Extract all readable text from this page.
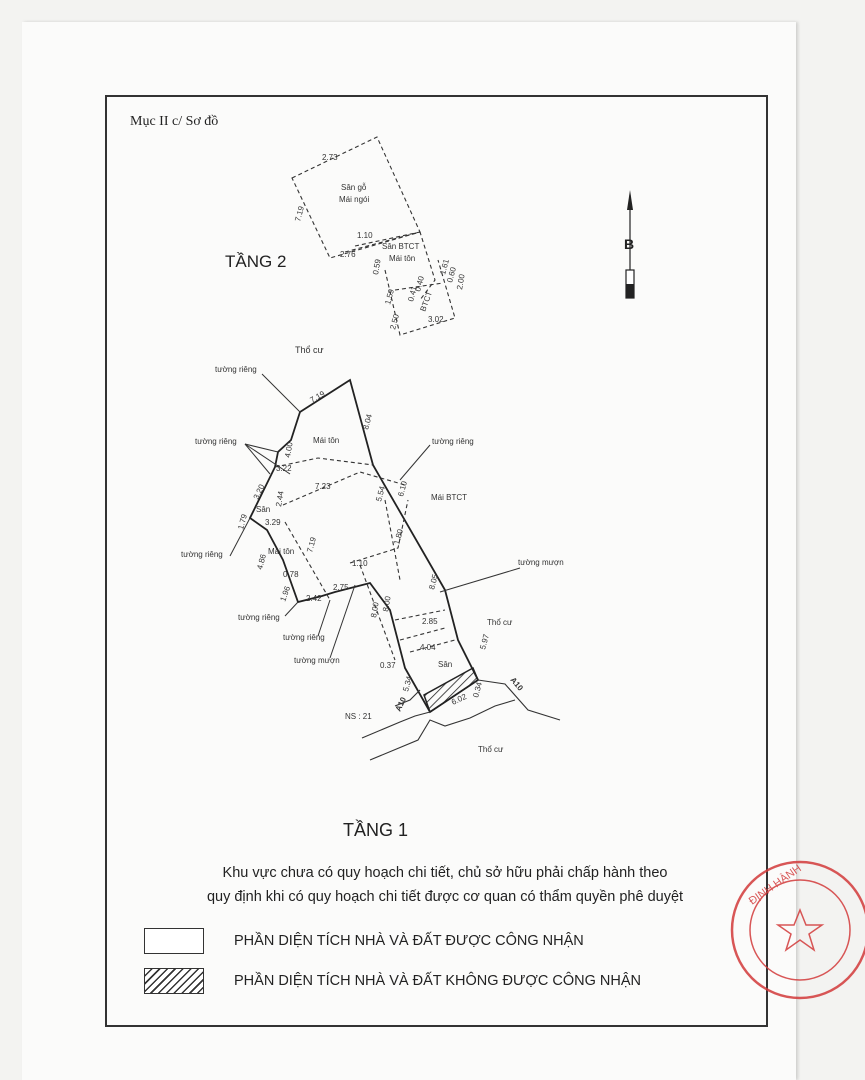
Mục II c/ Sơ đồ
TẦNG 2
TẦNG 1
B
2.73
7.19
2.76
1.10
0.59
2.00
1.59 0.41
3.02
2.50
1.61
0.40
0.60
Sân gỗ
Mái ngói
Sân BTCT
Mái tôn
BTCT
Thổ cư
tường riêng
tường riêng
tường riêng
tường riêng
tường riêng
tường riêng
tường mượn
tường mượn
Mái tôn
Mái tôn
Mái BTCT
Sân
Sân
Thổ cư
Thổ cư
NS : 21
A10
A10
7.19
8.04
4.00
3.22
3.20 2.44
3.29
1.79
4.86
0.78
1.96 2.42
2.75
7.23	5.54 6.10
7.19	1.80
1.10
8.05
8.00 8.00
4.04
2.85
5.97
0.37
5.34
6.02
0.34
ĐỊNH HÀNH
Khu vực chưa có quy hoạch chi tiết, chủ sở hữu phải chấp hành theo
quy định khi có quy hoạch chi tiết được cơ quan có thẩm quyền phê duyệt
PHẦN DIỆN TÍCH NHÀ VÀ ĐẤT ĐƯỢC CÔNG NHẬN
PHẦN DIỆN TÍCH NHÀ VÀ ĐẤT KHÔNG ĐƯỢC CÔNG NHẬN
